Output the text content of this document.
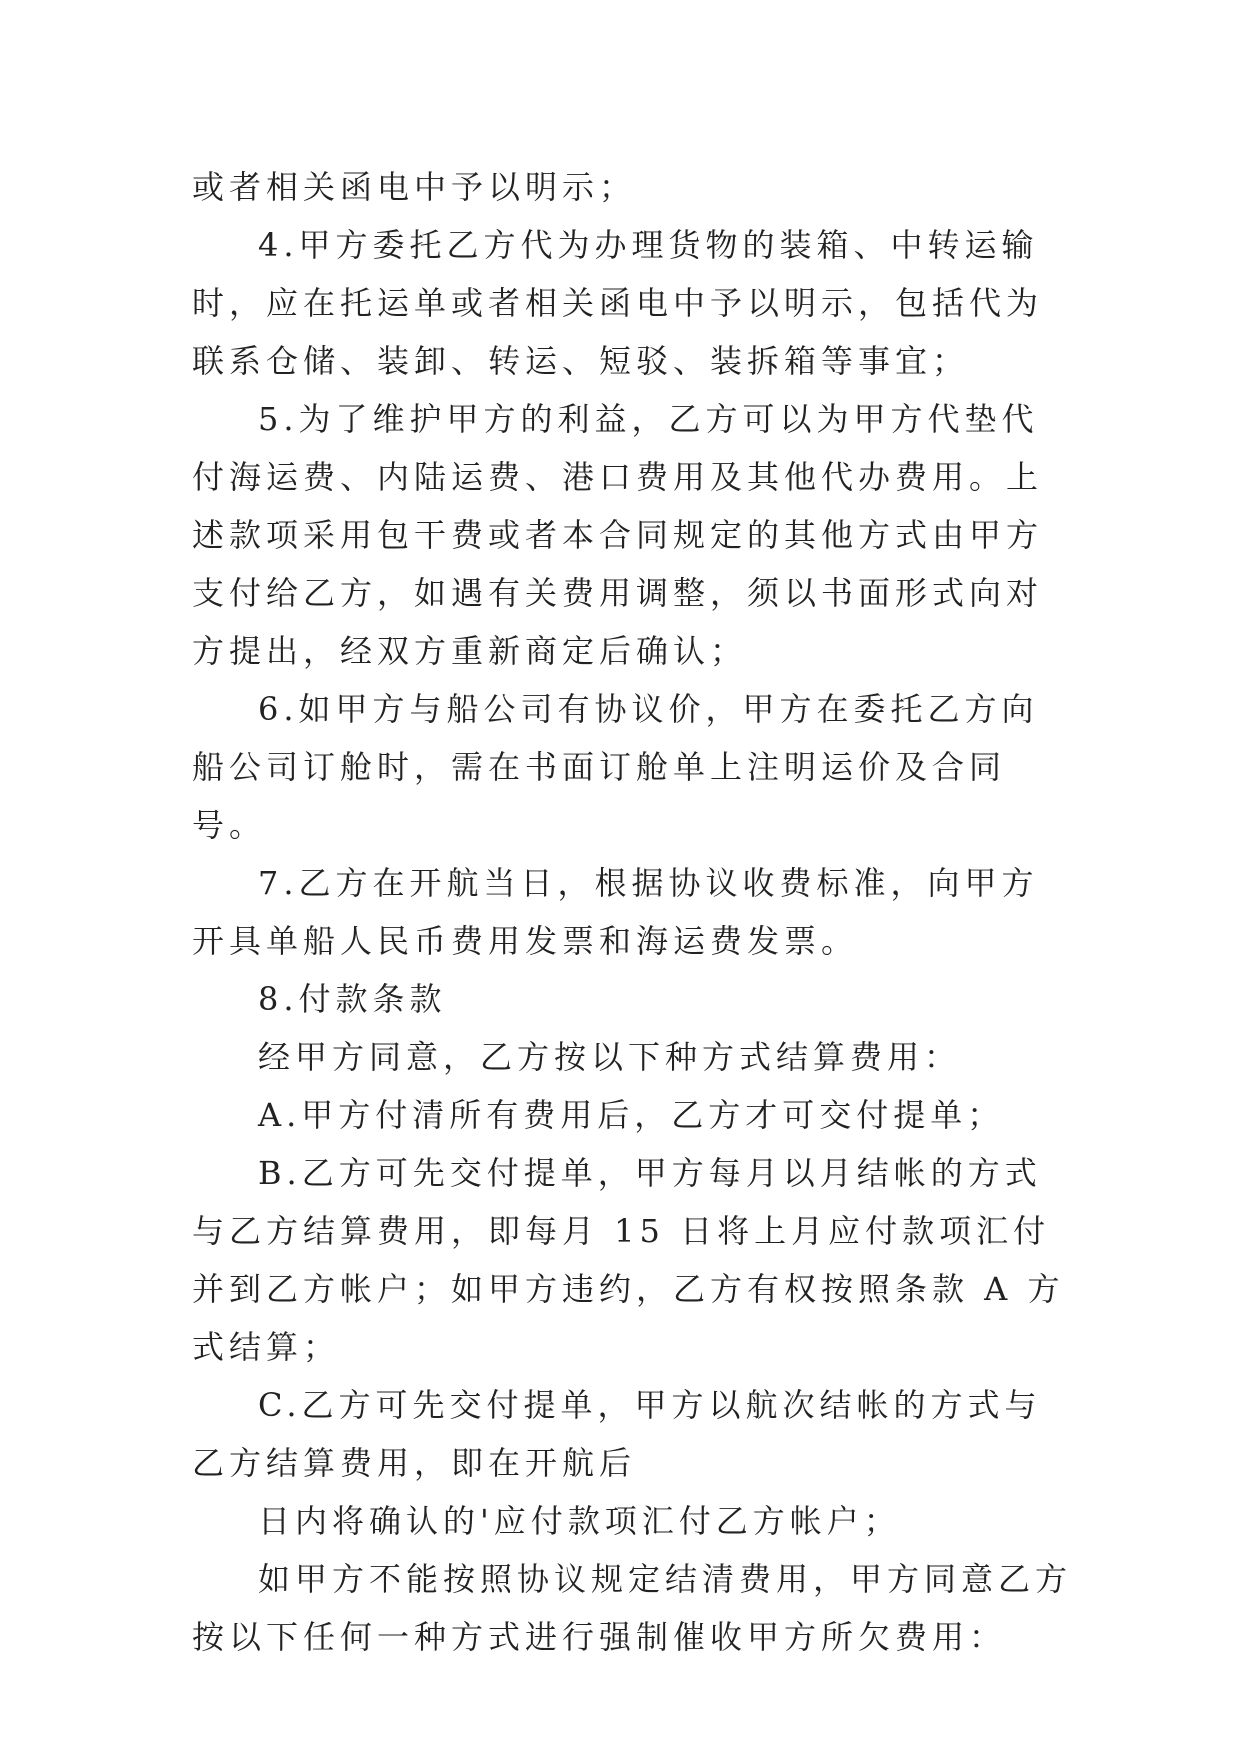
或者相关函电中予以明示；

4.甲方委托乙方代为办理货物的装箱、中转运输时，应在托运单或者相关函电中予以明示，包括代为联系仓储、装卸、转运、短驳、装拆箱等事宜；

5.为了维护甲方的利益，乙方可以为甲方代垫代付海运费、内陆运费、港口费用及其他代办费用。上述款项采用包干费或者本合同规定的其他方式由甲方支付给乙方，如遇有关费用调整，须以书面形式向对方提出，经双方重新商定后确认；

6.如甲方与船公司有协议价，甲方在委托乙方向船公司订舱时，需在书面订舱单上注明运价及合同号。

7.乙方在开航当日，根据协议收费标准，向甲方开具单船人民币费用发票和海运费发票。

8.付款条款

经甲方同意，乙方按以下种方式结算费用：

A.甲方付清所有费用后，乙方才可交付提单；

B.乙方可先交付提单，甲方每月以月结帐的方式与乙方结算费用，即每月 15 日将上月应付款项汇付并到乙方帐户；如甲方违约，乙方有权按照条款 A 方式结算；

C.乙方可先交付提单，甲方以航次结帐的方式与乙方结算费用，即在开航后

日内将确认的'应付款项汇付乙方帐户；

如甲方不能按照协议规定结清费用，甲方同意乙方按以下任何一种方式进行强制催收甲方所欠费用：
